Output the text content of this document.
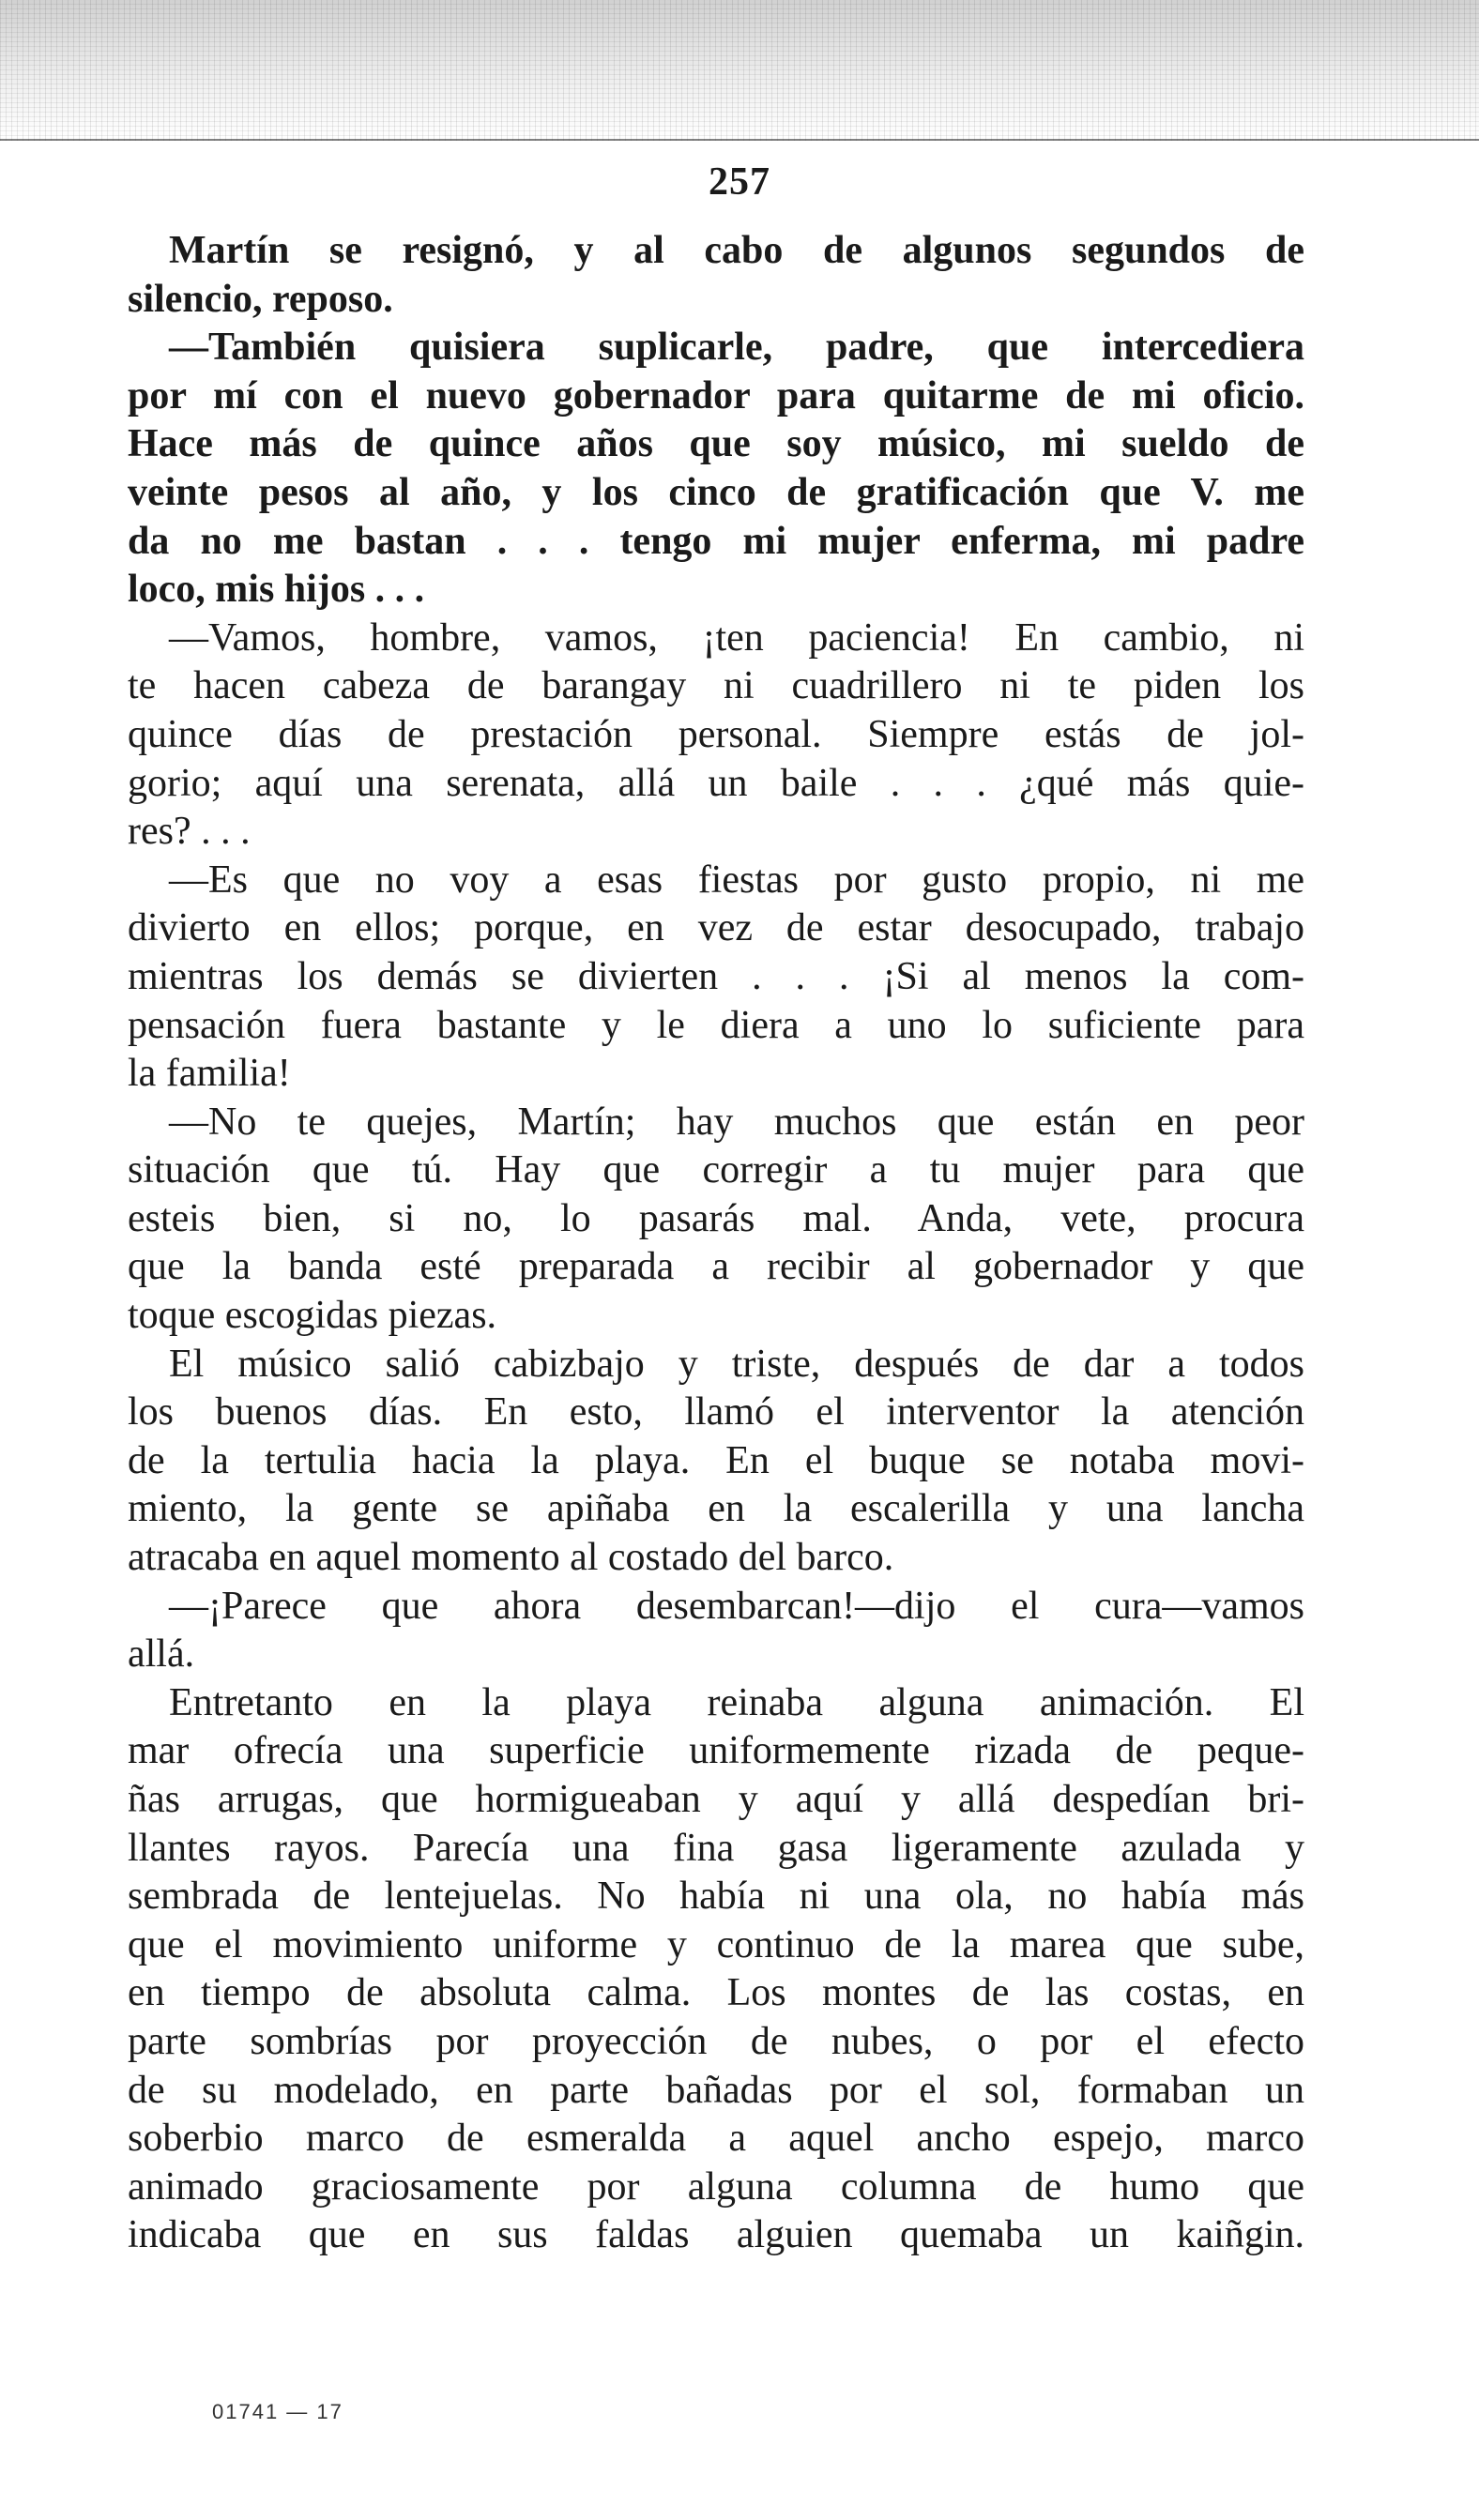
257
Martín se resignó, y al cabo de algunos segundos de
silencio, reposo.
—También quisiera suplicarle, padre, que intercediera
por mí con el nuevo gobernador para quitarme de mi oficio.
Hace más de quince años que soy músico, mi sueldo de
veinte pesos al año, y los cinco de gratificación que V. me
da no me bastan . . . tengo mi mujer enferma, mi padre
loco, mis hijos . . .
—Vamos, hombre, vamos, ¡ten paciencia! En cambio, ni
te hacen cabeza de barangay ni cuadrillero ni te piden los
quince días de prestación personal. Siempre estás de jol-
gorio; aquí una serenata, allá un baile . . . ¿qué más quie-
res? . . .
—Es que no voy a esas fiestas por gusto propio, ni me
divierto en ellos; porque, en vez de estar desocupado, trabajo
mientras los demás se divierten . . . ¡Si al menos la com-
pensación fuera bastante y le diera a uno lo suficiente para
la familia!
—No te quejes, Martín; hay muchos que están en peor
situación que tú. Hay que corregir a tu mujer para que
esteis bien, si no, lo pasarás mal. Anda, vete, procura
que la banda esté preparada a recibir al gobernador y que
toque escogidas piezas.
El músico salió cabizbajo y triste, después de dar a todos
los buenos días. En esto, llamó el interventor la atención
de la tertulia hacia la playa. En el buque se notaba movi-
miento, la gente se apiñaba en la escalerilla y una lancha
atracaba en aquel momento al costado del barco.
—¡Parece que ahora desembarcan!—dijo el cura—vamos
allá.
Entretanto en la playa reinaba alguna animación. El
mar ofrecía una superficie uniformemente rizada de peque-
ñas arrugas, que hormigueaban y aquí y allá despedían bri-
llantes rayos. Parecía una fina gasa ligeramente azulada y
sembrada de lentejuelas. No había ni una ola, no había más
que el movimiento uniforme y continuo de la marea que sube,
en tiempo de absoluta calma. Los montes de las costas, en
parte sombrías por proyección de nubes, o por el efecto
de su modelado, en parte bañadas por el sol, formaban un
soberbio marco de esmeralda a aquel ancho espejo, marco
animado graciosamente por alguna columna de humo que
indicaba que en sus faldas alguien quemaba un kaiñgin.
01741 — 17
